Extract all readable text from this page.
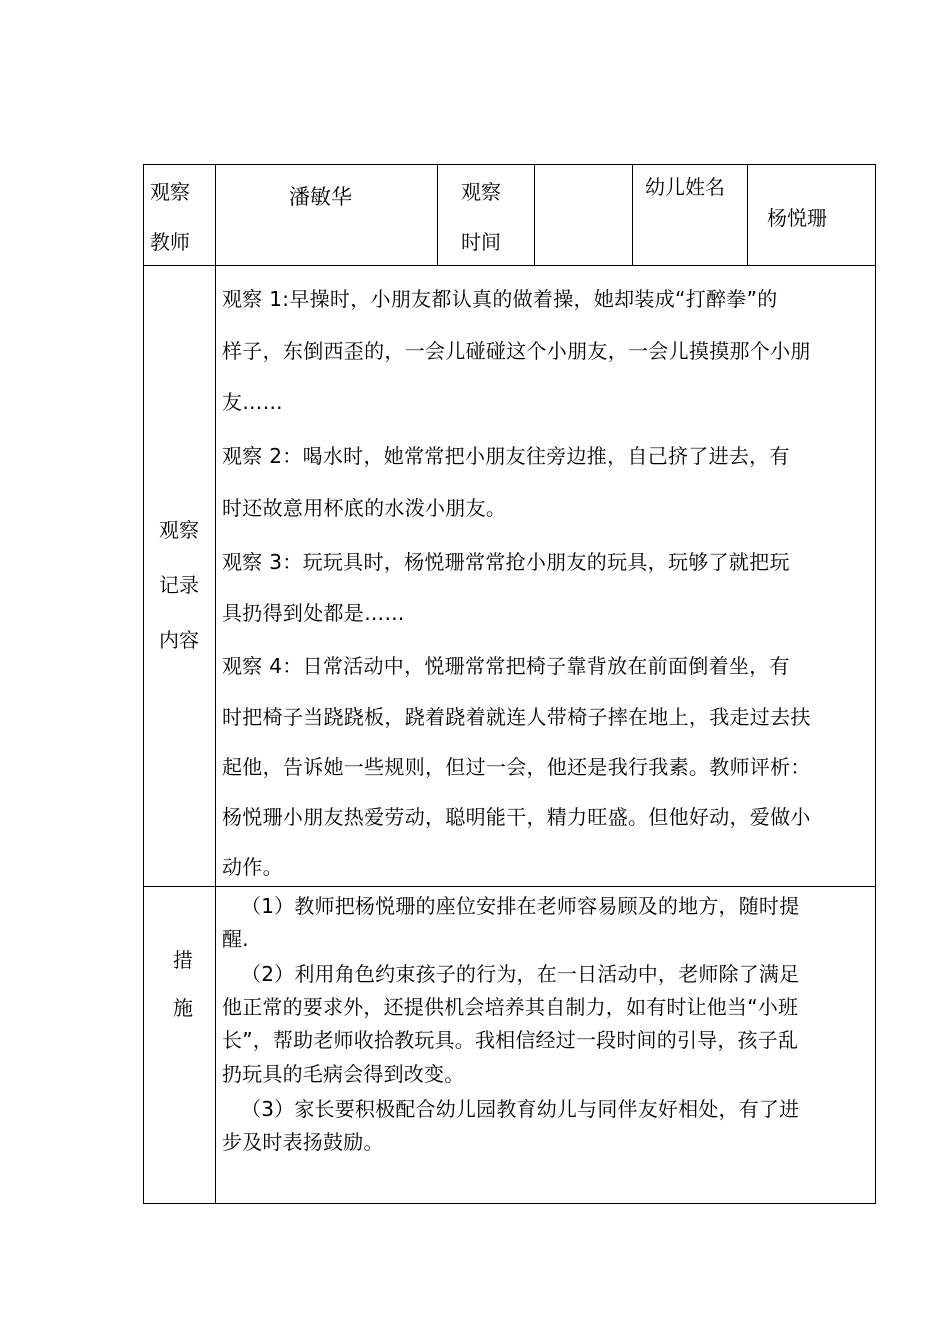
观察
教师
潘敏华	观察
时间
幼儿姓名
杨悦珊
观察
记录
内容
观察 1:早操时，小朋友都认真的做着操，她却装成“打醉拳”的
样子，东倒西歪的，一会儿碰碰这个小朋友，一会儿摸摸那个小朋
友……
观察 2：喝水时，她常常把小朋友往旁边推，自己挤了进去，有
时还故意用杯底的水泼小朋友。
观察 3：玩玩具时，杨悦珊常常抢小朋友的玩具，玩够了就把玩
具扔得到处都是……
观察 4：日常活动中，悦珊常常把椅子靠背放在前面倒着坐，有
时把椅子当跷跷板，跷着跷着就连人带椅子摔在地上，我走过去扶
起他，告诉她一些规则，但过一会，他还是我行我素。教师评析：
杨悦珊小朋友热爱劳动，聪明能干，精力旺盛。但他好动，爱做小
动作。
措
施
（1）教师把杨悦珊的座位安排在老师容易顾及的地方，随时提
醒.
（2）利用角色约束孩子的行为，在一日活动中，老师除了满足
他正常的要求外，还提供机会培养其自制力，如有时让他当“小班
长”，帮助老师收拾教玩具。我相信经过一段时间的引导，孩子乱
扔玩具的毛病会得到改变。
（3）家长要积极配合幼儿园教育幼儿与同伴友好相处，有了进
步及时表扬鼓励。
